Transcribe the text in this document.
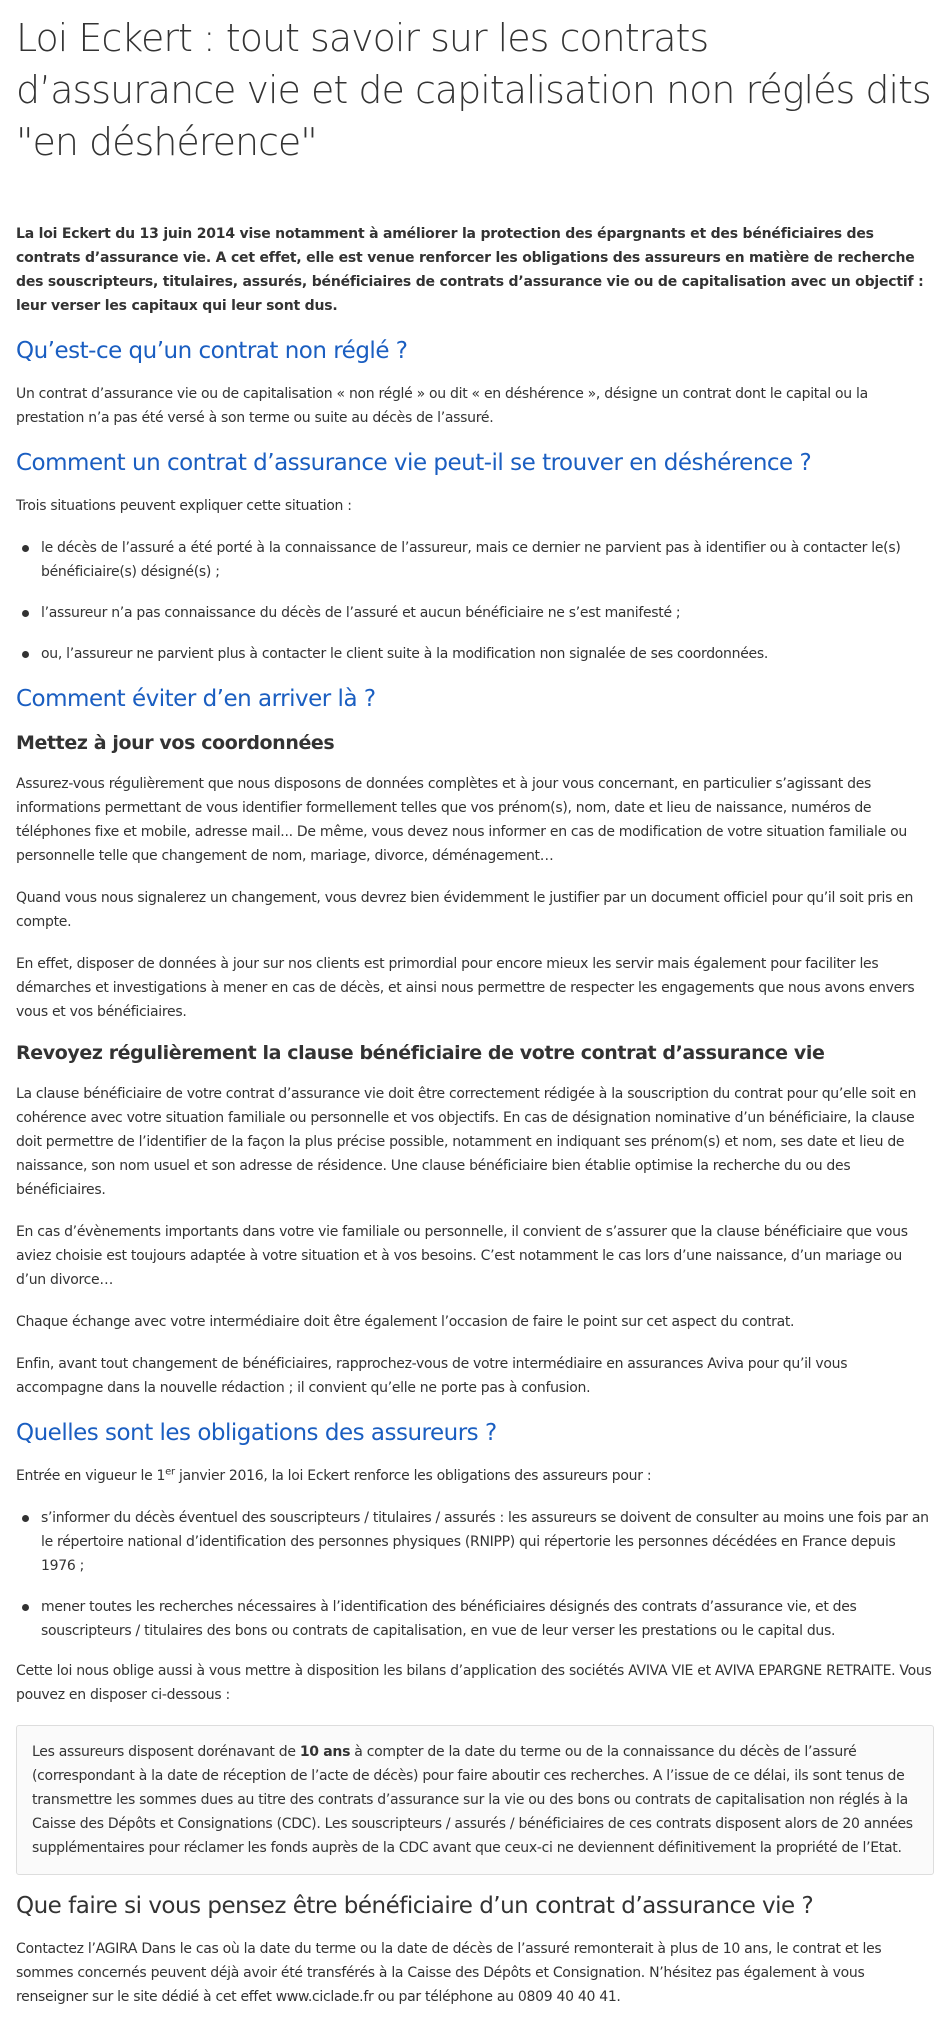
Loi Eckert : tout savoir sur les contrats d’assurance vie et de capitalisation non réglés dits "en déshérence"

La loi Eckert du 13 juin 2014 vise notamment à améliorer la protection des épargnants et des bénéficiaires des contrats d’assurance vie. A cet effet, elle est venue renforcer les obligations des assureurs en matière de recherche des souscripteurs, titulaires, assurés, bénéficiaires de contrats d’assurance vie ou de capitalisation avec un objectif : leur verser les capitaux qui leur sont dus.

Qu’est-ce qu’un contrat non réglé ?

Un contrat d’assurance vie ou de capitalisation « non réglé » ou dit « en déshérence », désigne un contrat dont le capital ou la prestation n’a pas été versé à son terme ou suite au décès de l’assuré.

Comment un contrat d’assurance vie peut-il se trouver en déshérence ?

Trois situations peuvent expliquer cette situation :

le décès de l’assuré a été porté à la connaissance de l’assureur, mais ce dernier ne parvient pas à identifier ou à contacter le(s) bénéficiaire(s) désigné(s) ;
l’assureur n’a pas connaissance du décès de l’assuré et aucun bénéficiaire ne s’est manifesté ;
ou, l’assureur ne parvient plus à contacter le client suite à la modification non signalée de ses coordonnées.
Comment éviter d’en arriver là ?
Mettez à jour vos coordonnées

Assurez-vous régulièrement que nous disposons de données complètes et à jour vous concernant, en particulier s’agissant des informations permettant de vous identifier formellement telles que vos prénom(s), nom, date et lieu de naissance, numéros de téléphones fixe et mobile, adresse mail... De même, vous devez nous informer en cas de modification de votre situation familiale ou personnelle telle que changement de nom, mariage, divorce, déménagement…

Quand vous nous signalerez un changement, vous devrez bien évidemment le justifier par un document officiel pour qu’il soit pris en compte.

En effet, disposer de données à jour sur nos clients est primordial pour encore mieux les servir mais également pour faciliter les démarches et investigations à mener en cas de décès, et ainsi nous permettre de respecter les engagements que nous avons envers vous et vos bénéficiaires.

Revoyez régulièrement la clause bénéficiaire de votre contrat d’assurance vie

La clause bénéficiaire de votre contrat d’assurance vie doit être correctement rédigée à la souscription du contrat pour qu’elle soit en cohérence avec votre situation familiale ou personnelle et vos objectifs. En cas de désignation nominative d’un bénéficiaire, la clause doit permettre de l’identifier de la façon la plus précise possible, notamment en indiquant ses prénom(s) et nom, ses date et lieu de naissance, son nom usuel et son adresse de résidence. Une clause bénéficiaire bien établie optimise la recherche du ou des bénéficiaires.

En cas d’évènements importants dans votre vie familiale ou personnelle, il convient de s’assurer que la clause bénéficiaire que vous aviez choisie est toujours adaptée à votre situation et à vos besoins. C’est notamment le cas lors d’une naissance, d’un mariage ou d’un divorce…

Chaque échange avec votre intermédiaire doit être également l’occasion de faire le point sur cet aspect du contrat.

Enfin, avant tout changement de bénéficiaires, rapprochez-vous de votre intermédiaire en assurances Aviva pour qu’il vous accompagne dans la nouvelle rédaction ; il convient qu’elle ne porte pas à confusion.

Quelles sont les obligations des assureurs ?

Entrée en vigueur le 1er janvier 2016, la loi Eckert renforce les obligations des assureurs pour :

s’informer du décès éventuel des souscripteurs / titulaires / assurés : les assureurs se doivent de consulter au moins une fois par an le répertoire national d’identification des personnes physiques (RNIPP) qui répertorie les personnes décédées en France depuis 1976 ;
mener toutes les recherches nécessaires à l’identification des bénéficiaires désignés des contrats d’assurance vie, et des souscripteurs / titulaires des bons ou contrats de capitalisation, en vue de leur verser les prestations ou le capital dus.

Cette loi nous oblige aussi à vous mettre à disposition les bilans d’application des sociétés AVIVA VIE et AVIVA EPARGNE RETRAITE. Vous pouvez en disposer ci-dessous :

Les assureurs disposent dorénavant de 10 ans à compter de la date du terme ou de la connaissance du décès de l’assuré (correspondant à la date de réception de l’acte de décès) pour faire aboutir ces recherches. A l’issue de ce délai, ils sont tenus de transmettre les sommes dues au titre des contrats d’assurance sur la vie ou des bons ou contrats de capitalisation non réglés à la Caisse des Dépôts et Consignations (CDC). Les souscripteurs / assurés / bénéficiaires de ces contrats disposent alors de 20 années supplémentaires pour réclamer les fonds auprès de la CDC avant que ceux-ci ne deviennent définitivement la propriété de l’Etat.

Que faire si vous pensez être bénéficiaire d’un contrat d’assurance vie ?

Contactez l’AGIRA Dans le cas où la date du terme ou la date de décès de l’assuré remonterait à plus de 10 ans, le contrat et les sommes concernés peuvent déjà avoir été transférés à la Caisse des Dépôts et Consignation. N’hésitez pas également à vous renseigner sur le site dédié à cet effet www.ciclade.fr ou par téléphone au 0809 40 40 41.
